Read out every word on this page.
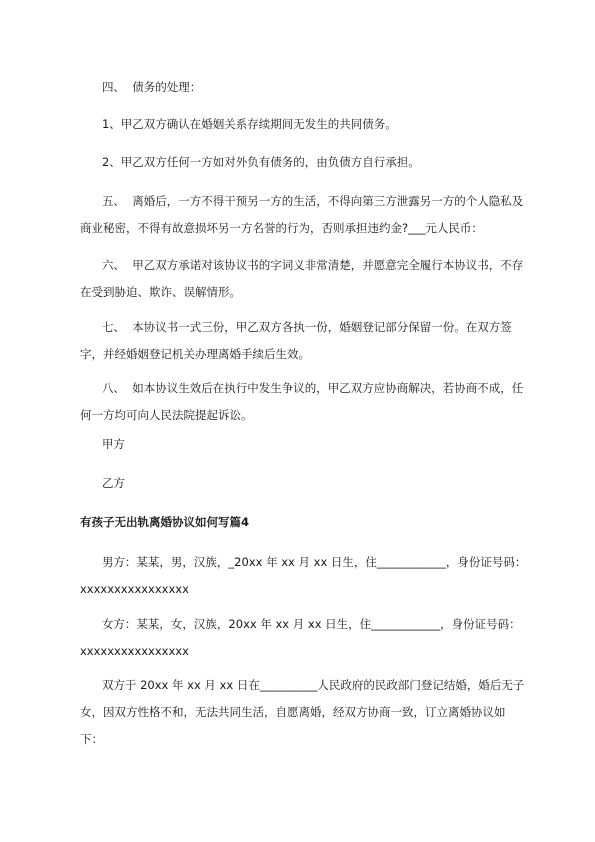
四、  债务的处理：

1、甲乙双方确认在婚姻关系存续期间无发生的共同债务。

2、甲乙双方任何一方如对外负有债务的，由负债方自行承担。

五、  离婚后，一方不得干预另一方的生活，不得向第三方泄露另一方的个人隐私及商业秘密，不得有故意损坏另一方名誉的行为，否则承担违约金?___元人民币：

六、  甲乙双方承诺对该协议书的字词义非常清楚，并愿意完全履行本协议书，不存在受到胁迫、欺诈、误解情形。

七、  本协议书一式三份，甲乙双方各执一份，婚姻登记部分保留一份。在双方签字，并经婚姻登记机关办理离婚手续后生效。

八、  如本协议生效后在执行中发生争议的，甲乙双方应协商解决，若协商不成，任何一方均可向人民法院提起诉讼。

甲方

乙方

有孩子无出轨离婚协议如何写篇4

男方：某某，男，汉族，_20xx 年 xx 月 xx 日生，住____________，身份证号码：xxxxxxxxxxxxxxxx

女方：某某，女，汉族，20xx 年 xx 月 xx 日生，住____________，身份证号码：xxxxxxxxxxxxxxxx

双方于 20xx 年 xx 月 xx 日在__________人民政府的民政部门登记结婚，婚后无子女，因双方性格不和，无法共同生活，自愿离婚，经双方协商一致，订立离婚协议如下：
